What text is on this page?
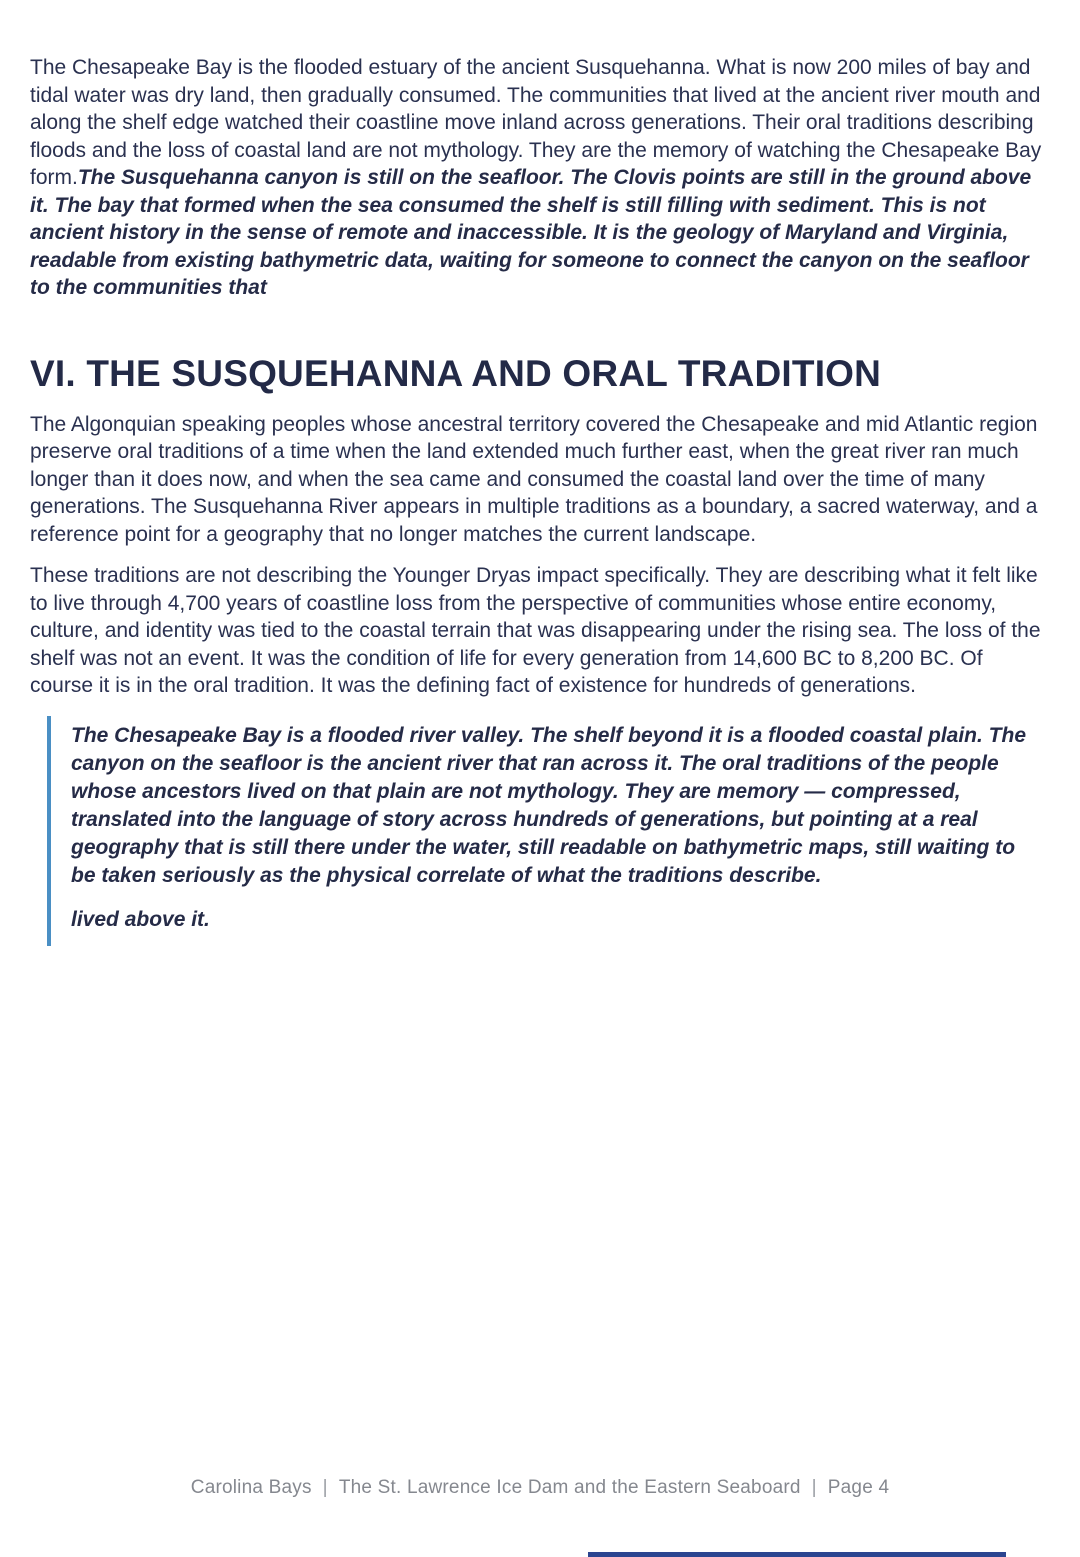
The Chesapeake Bay is the flooded estuary of the ancient Susquehanna. What is now 200 miles of bay and tidal water was dry land, then gradually consumed. The communities that lived at the ancient river mouth and along the shelf edge watched their coastline move inland across generations. Their oral traditions describing floods and the loss of coastal land are not mythology. They are the memory of watching the Chesapeake Bay form.The Susquehanna canyon is still on the seafloor. The Clovis points are still in the ground above it. The bay that formed when the sea consumed the shelf is still filling with sediment. This is not ancient history in the sense of remote and inaccessible. It is the geology of Maryland and Virginia, readable from existing bathymetric data, waiting for someone to connect the canyon on the seafloor to the communities that

VI. THE SUSQUEHANNA AND ORAL TRADITION

The Algonquian speaking peoples whose ancestral territory covered the Chesapeake and mid Atlantic region preserve oral traditions of a time when the land extended much further east, when the great river ran much longer than it does now, and when the sea came and consumed the coastal land over the time of many generations. The Susquehanna River appears in multiple traditions as a boundary, a sacred waterway, and a reference point for a geography that no longer matches the current landscape.

These traditions are not describing the Younger Dryas impact specifically. They are describing what it felt like to live through 4,700 years of coastline loss from the perspective of communities whose entire economy, culture, and identity was tied to the coastal terrain that was disappearing under the rising sea. The loss of the shelf was not an event. It was the condition of life for every generation from 14,600 BC to 8,200 BC. Of course it is in the oral tradition. It was the defining fact of existence for hundreds of generations.

The Chesapeake Bay is a flooded river valley. The shelf beyond it is a flooded coastal plain. The canyon on the seafloor is the ancient river that ran across it. The oral traditions of the people whose ancestors lived on that plain are not mythology. They are memory — compressed, translated into the language of story across hundreds of generations, but pointing at a real geography that is still there under the water, still readable on bathymetric maps, still waiting to be taken seriously as the physical correlate of what the traditions describe.

lived above it.

Carolina Bays | The St. Lawrence Ice Dam and the Eastern Seaboard | Page 4
